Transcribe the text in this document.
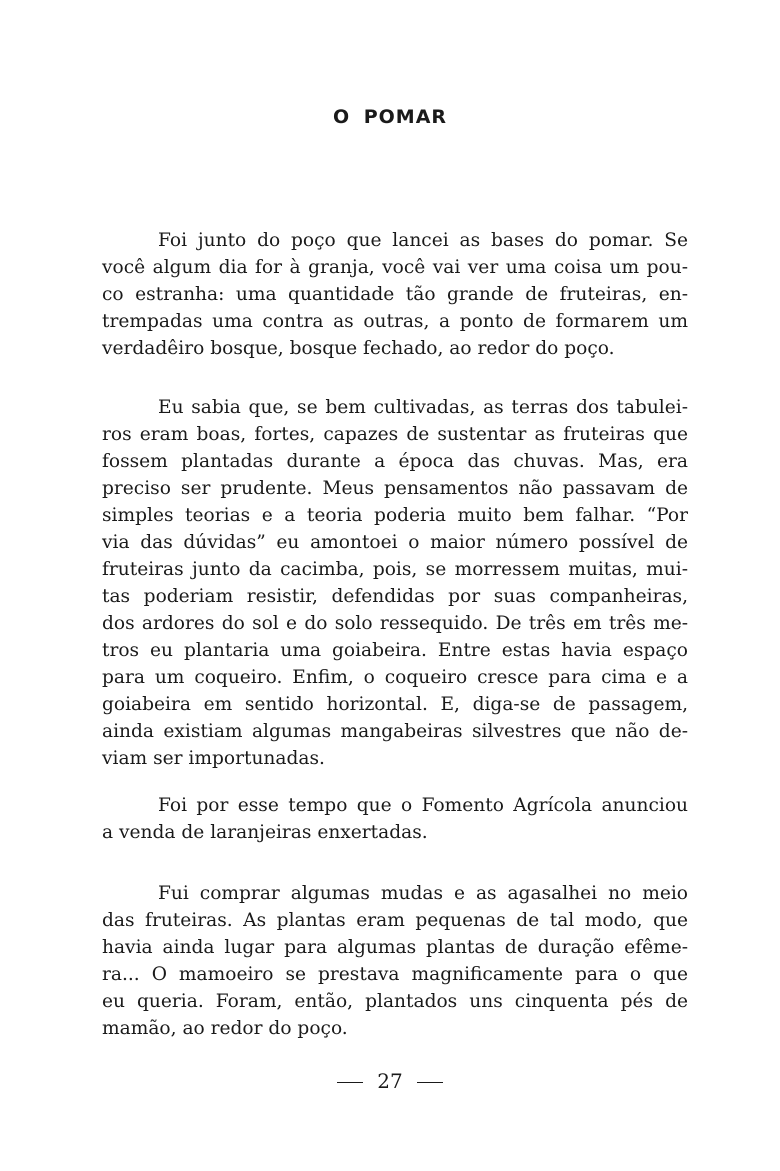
O POMAR
Foi junto do poço que lancei as bases do pomar. Se
você algum dia for à granja, você vai ver uma coisa um pou-
co estranha: uma quantidade tão grande de fruteiras, en-
trempadas uma contra as outras, a ponto de formarem um
verdadêiro bosque, bosque fechado, ao redor do poço.
Eu sabia que, se bem cultivadas, as terras dos tabulei-
ros eram boas, fortes, capazes de sustentar as fruteiras que
fossem plantadas durante a época das chuvas. Mas, era
preciso ser prudente. Meus pensamentos não passavam de
simples teorias e a teoria poderia muito bem falhar. “Por
via das dúvidas” eu amontoei o maior número possível de
fruteiras junto da cacimba, pois, se morressem muitas, mui-
tas poderiam resistir, defendidas por suas companheiras,
dos ardores do sol e do solo ressequido. De três em três me-
tros eu plantaria uma goiabeira. Entre estas havia espaço
para um coqueiro. Enfim, o coqueiro cresce para cima e a
goiabeira em sentido horizontal. E, diga-se de passagem,
ainda existiam algumas mangabeiras silvestres que não de-
viam ser importunadas.
Foi por esse tempo que o Fomento Agrícola anunciou
a venda de laranjeiras enxertadas.
Fui comprar algumas mudas e as agasalhei no meio
das fruteiras. As plantas eram pequenas de tal modo, que
havia ainda lugar para algumas plantas de duração efême-
ra... O mamoeiro se prestava magnificamente para o que
eu queria. Foram, então, plantados uns cinquenta pés de
mamão, ao redor do poço.
27
